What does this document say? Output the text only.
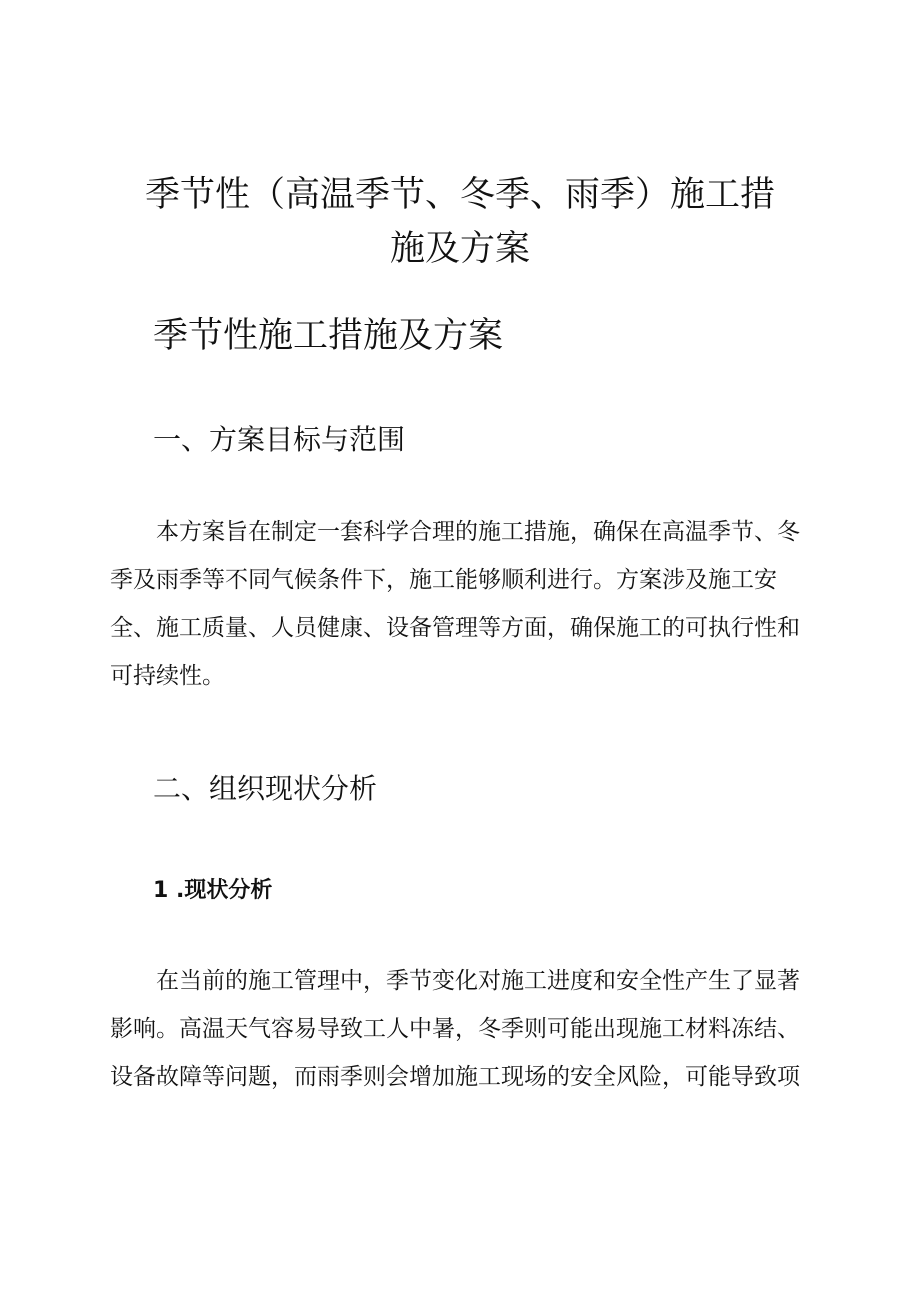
季节性（高温季节、冬季、雨季）施工措
施及方案
季节性施工措施及方案
一、方案目标与范围
本方案旨在制定一套科学合理的施工措施，确保在高温季节、冬
季及雨季等不同气候条件下，施工能够顺利进行。方案涉及施工安
全、施工质量、人员健康、设备管理等方面，确保施工的可执行性和
可持续性。
二、组织现状分析
1 .现状分析
在当前的施工管理中，季节变化对施工进度和安全性产生了显著
影响。高温天气容易导致工人中暑，冬季则可能出现施工材料冻结、
设备故障等问题，而雨季则会增加施工现场的安全风险，可能导致项
